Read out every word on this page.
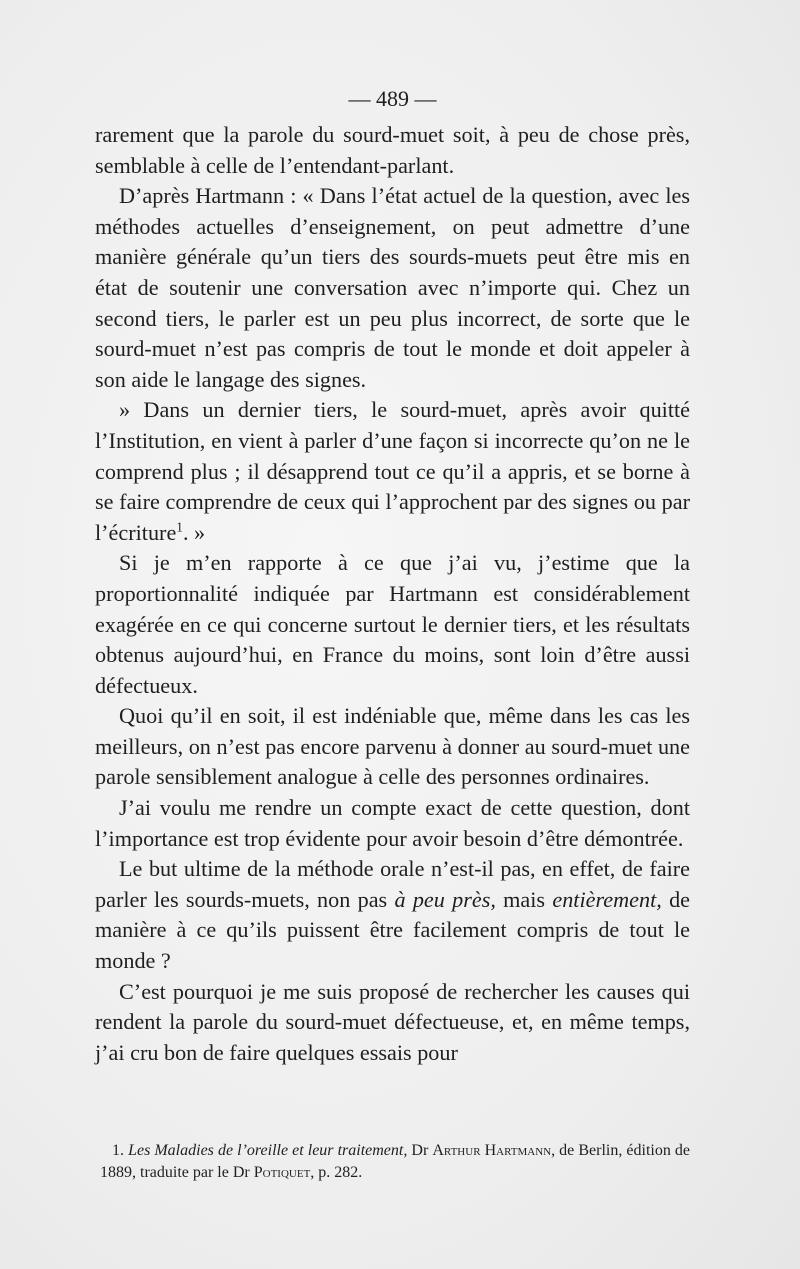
— 489 —

rarement que la parole du sourd-muet soit, à peu de chose près, semblable à celle de l’entendant-parlant.

D’après Hartmann : « Dans l’état actuel de la question, avec les méthodes actuelles d’enseignement, on peut admettre d’une manière générale qu’un tiers des sourds-muets peut être mis en état de soutenir une conversation avec n’importe qui. Chez un second tiers, le parler est un peu plus incorrect, de sorte que le sourd-muet n’est pas compris de tout le monde et doit appeler à son aide le langage des signes.

» Dans un dernier tiers, le sourd-muet, après avoir quitté l’Institution, en vient à parler d’une façon si incorrecte qu’on ne le comprend plus ; il désapprend tout ce qu’il a appris, et se borne à se faire comprendre de ceux qui l’approchent par des signes ou par l’écriture$^1$. »

Si je m’en rapporte à ce que j’ai vu, j’estime que la proportionnalité indiquée par Hartmann est considérablement exagérée en ce qui concerne surtout le dernier tiers, et les résultats obtenus aujourd’hui, en France du moins, sont loin d’être aussi défectueux.

Quoi qu’il en soit, il est indéniable que, même dans les cas les meilleurs, on n’est pas encore parvenu à donner au sourd-muet une parole sensiblement analogue à celle des personnes ordinaires.

J’ai voulu me rendre un compte exact de cette question, dont l’importance est trop évidente pour avoir besoin d’être démontrée.

Le but ultime de la méthode orale n’est-il pas, en effet, de faire parler les sourds-muets, non pas à peu près, mais entièrement, de manière à ce qu’ils puissent être facilement compris de tout le monde ?

C’est pourquoi je me suis proposé de rechercher les causes qui rendent la parole du sourd-muet défectueuse, et, en même temps, j’ai cru bon de faire quelques essais pour

1. Les Maladies de l’oreille et leur traitement, Dr Arthur Hartmann, de Berlin, édition de 1889, traduite par le Dr Potiquet, p. 282.
